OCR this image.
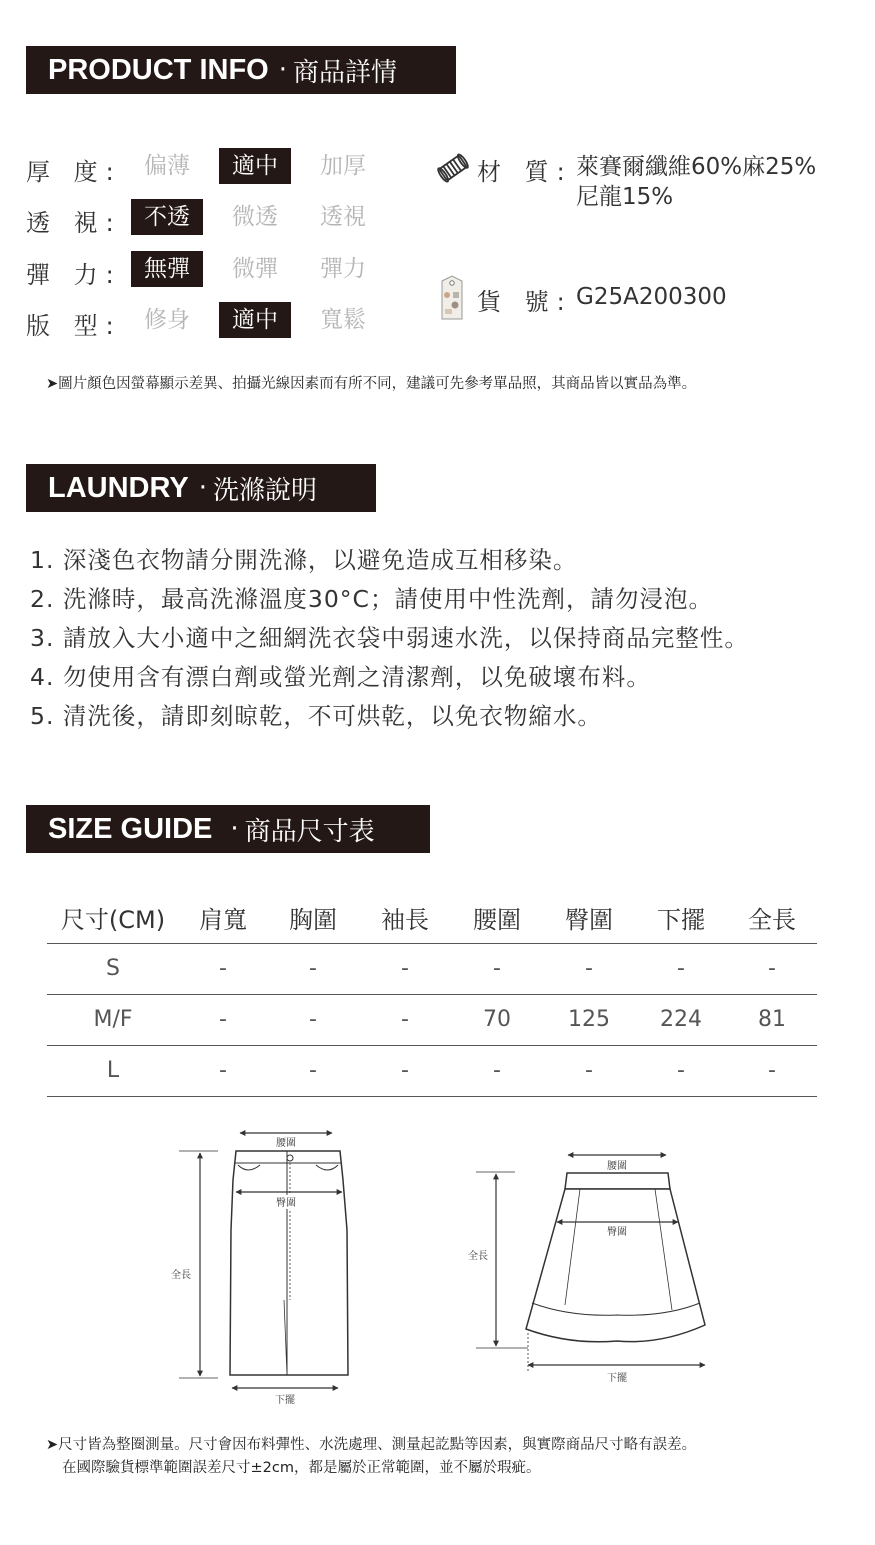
PRODUCT INFO · 商品詳情
厚 度: 偏薄	適中	加厚
透 視: 不透	微透	透視
彈 力: 無彈	微彈	彈力
版 型: 修身	適中	寬鬆
材 質: 萊賽爾纖維60%麻25%
尼龍15%
貨 號: G25A200300
➤圖片顏色因螢幕顯示差異、拍攝光線因素而有所不同，建議可先參考單品照，其商品皆以實品為準。
LAUNDRY · 洗滌說明
1. 深淺色衣物請分開洗滌，以避免造成互相移染。
2. 洗滌時，最高洗滌溫度30°C；請使用中性洗劑，請勿浸泡。
3. 請放入大小適中之細網洗衣袋中弱速水洗，以保持商品完整性。
4. 勿使用含有漂白劑或螢光劑之清潔劑，以免破壞布料。
5. 清洗後，請即刻晾乾，不可烘乾，以免衣物縮水。
SIZE GUIDE · 商品尺寸表
尺寸(CM)	肩寬	胸圍	袖長	腰圍	臀圍	下擺	全長
S	-	-	-	-	-	-	-
M/F	-	-	-	70	125	224	81
L	-	-	-	-	-	-	-
腰圍
臀圍
全長
下擺
腰圍
臀圍
全長
下擺
➤尺寸皆為整圈測量。尺寸會因布料彈性、水洗處理、測量起訖點等因素，與實際商品尺寸略有誤差。
在國際驗貨標準範圍誤差尺寸±2cm，都是屬於正常範圍，並不屬於瑕疵。
